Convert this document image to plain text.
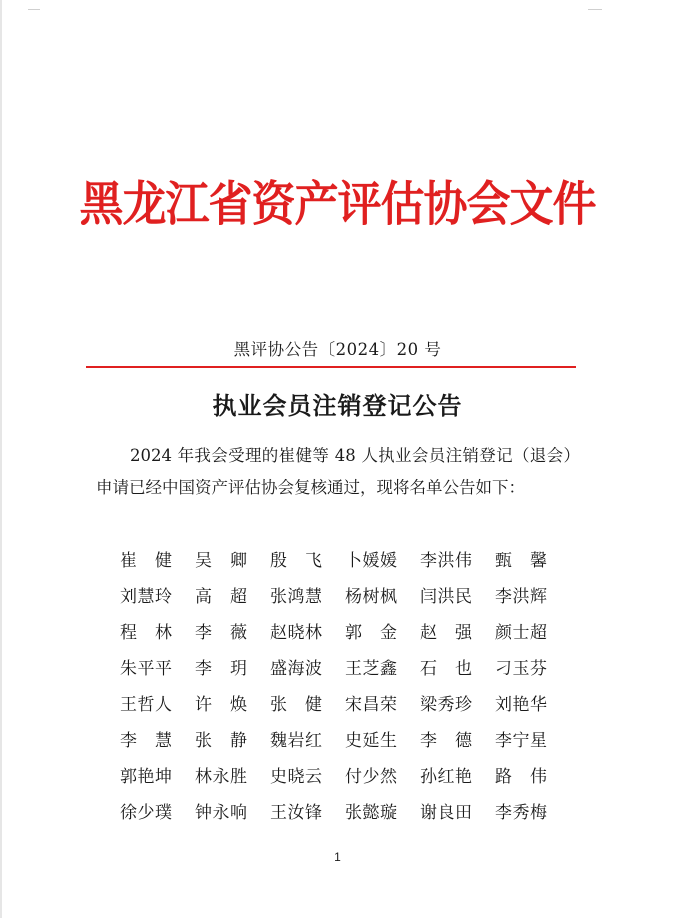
黑龙江省资产评估协会文件
黑评协公告〔2024〕20 号
执业会员注销登记公告
2024 年我会受理的崔健等 48 人执业会员注销登记（退会）申请已经中国资产评估协会复核通过，现将名单公告如下：
崔　健	吴　卿	殷　飞	卜媛媛	李洪伟	甄　馨
刘慧玲	高　超	张鸿慧	杨树枫	闫洪民	李洪辉
程　林	李　薇	赵晓林	郭　金	赵　强	颜士超
朱平平	李　玥	盛海波	王芝鑫	石　也	刁玉芬
王哲人	许　焕	张　健	宋昌荣	梁秀珍	刘艳华
李　慧	张　静	魏岩红	史延生	李　德	李宁星
郭艳坤	林永胜	史晓云	付少然	孙红艳	路　伟
徐少璞	钟永响	王汝锋	张懿璇	谢良田	李秀梅
1
